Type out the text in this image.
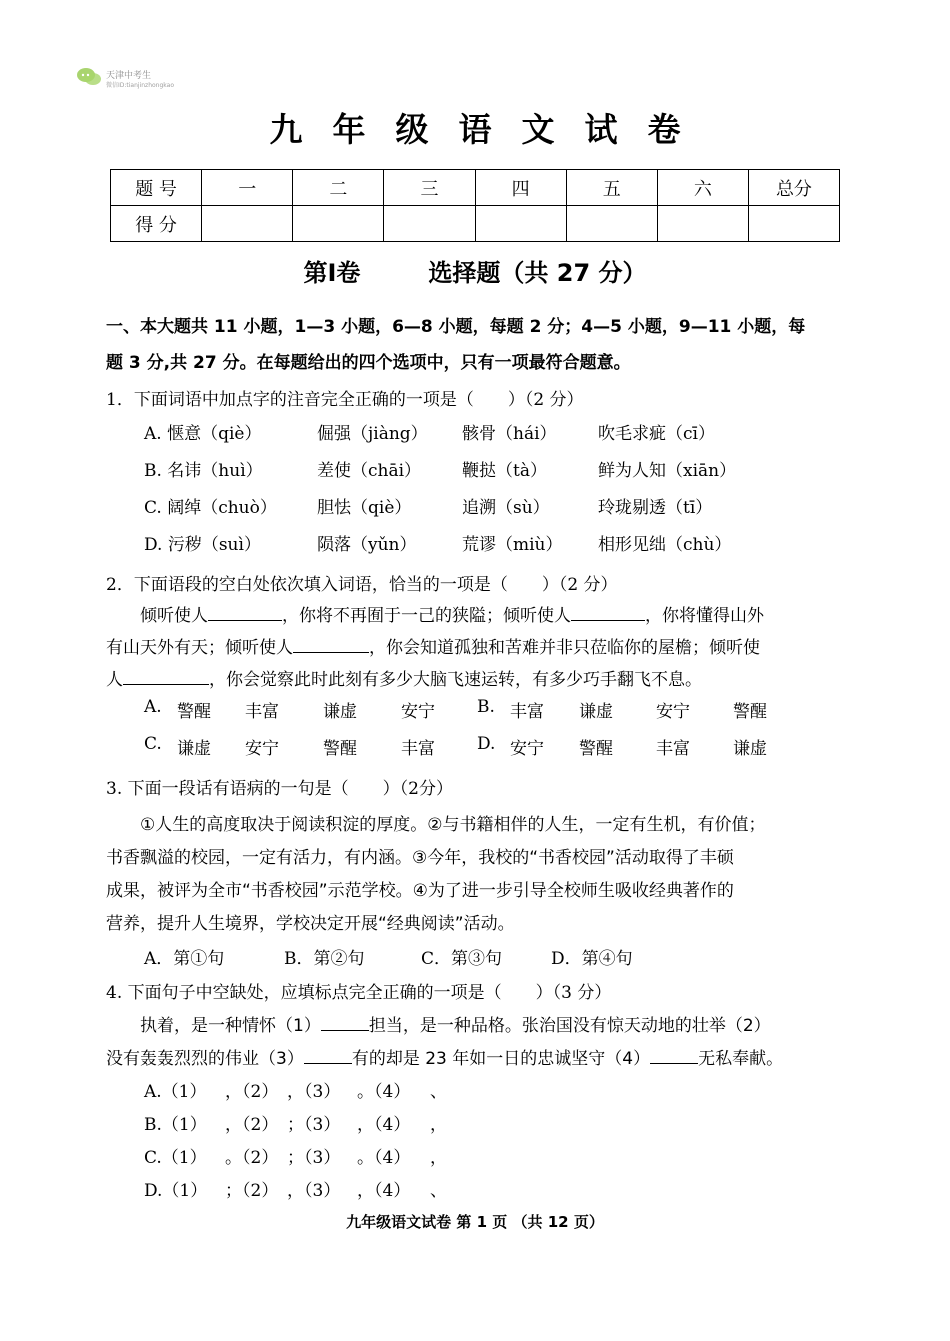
天津中考生
微信ID:tianjinzhongkao
九年级语文试卷
题 号	一	二	三	四	五	六	总分
得 分							
第Ⅰ卷	选择题（共 27 分）
一、本大题共 11 小题，1—3 小题，6—8 小题，每题 2 分；4—5 小题，9—11 小题，每
题 3 分,共 27 分。在每题给出的四个选项中，只有一项最符合题意。
1．下面词语中加点字的注音完全正确的一项是（　　）（2 分）
A. 惬意（qiè）	倔强（jiàng） 骸骨（hái） 吹毛求疵（cī）
B. 名讳（huì）	差使（chāi） 鞭挞（tà）	鲜为人知（xiān）
C. 阔绰（chuò） 胆怯（qiè）	追溯（sù）	玲珑剔透（tī）
D. 污秽（suì）	陨落（yǔn）	荒谬（miù） 相形见绌（chù）
2．下面语段的空白处依次填入词语，恰当的一项是（　　）（2 分）
倾听使人	，你将不再囿于一己的狭隘；倾听使人	，你将懂得山外
有山天外有天；倾听使人	，你会知道孤独和苦难并非只莅临你的屋檐；倾听使
人	，你会觉察此时此刻有多少大脑飞速运转，有多少巧手翻飞不息。
A. 警醒 丰富	谦虚	安宁 B. 丰富 谦虚	安宁	警醒
C. 谦虚 安宁	警醒	丰富 D. 安宁 警醒	丰富	谦虚
3. 下面一段话有语病的一句是（　　）（2分）
①人生的高度取决于阅读积淀的厚度。②与书籍相伴的人生，一定有生机，有价值；
书香飘溢的校园，一定有活力，有内涵。③今年，我校的“书香校园”活动取得了丰硕
成果，被评为全市“书香校园”示范学校。④为了进一步引导全校师生吸收经典著作的
营养，提升人生境界，学校决定开展“经典阅读”活动。
A．第①句	B．第②句	C．第③句	D．第④句
4. 下面句子中空缺处，应填标点完全正确的一项是（　　）（3 分）
执着，是一种情怀（1）	担当，是一种品格。张治国没有惊天动地的壮举（2）
没有轰轰烈烈的伟业（3）	有的却是 23 年如一日的忠诚坚守（4）	无私奉献。
A.（1） ，（2） ，（3） 。（4） 、
B.（1） ，（2） ；（3） ，（4） ，
C.（1） 。（2） ；（3） 。（4） ，
D.（1） ；（2） ，（3） ，（4） 、
九年级语文试卷 第 1 页 （共 12 页）
